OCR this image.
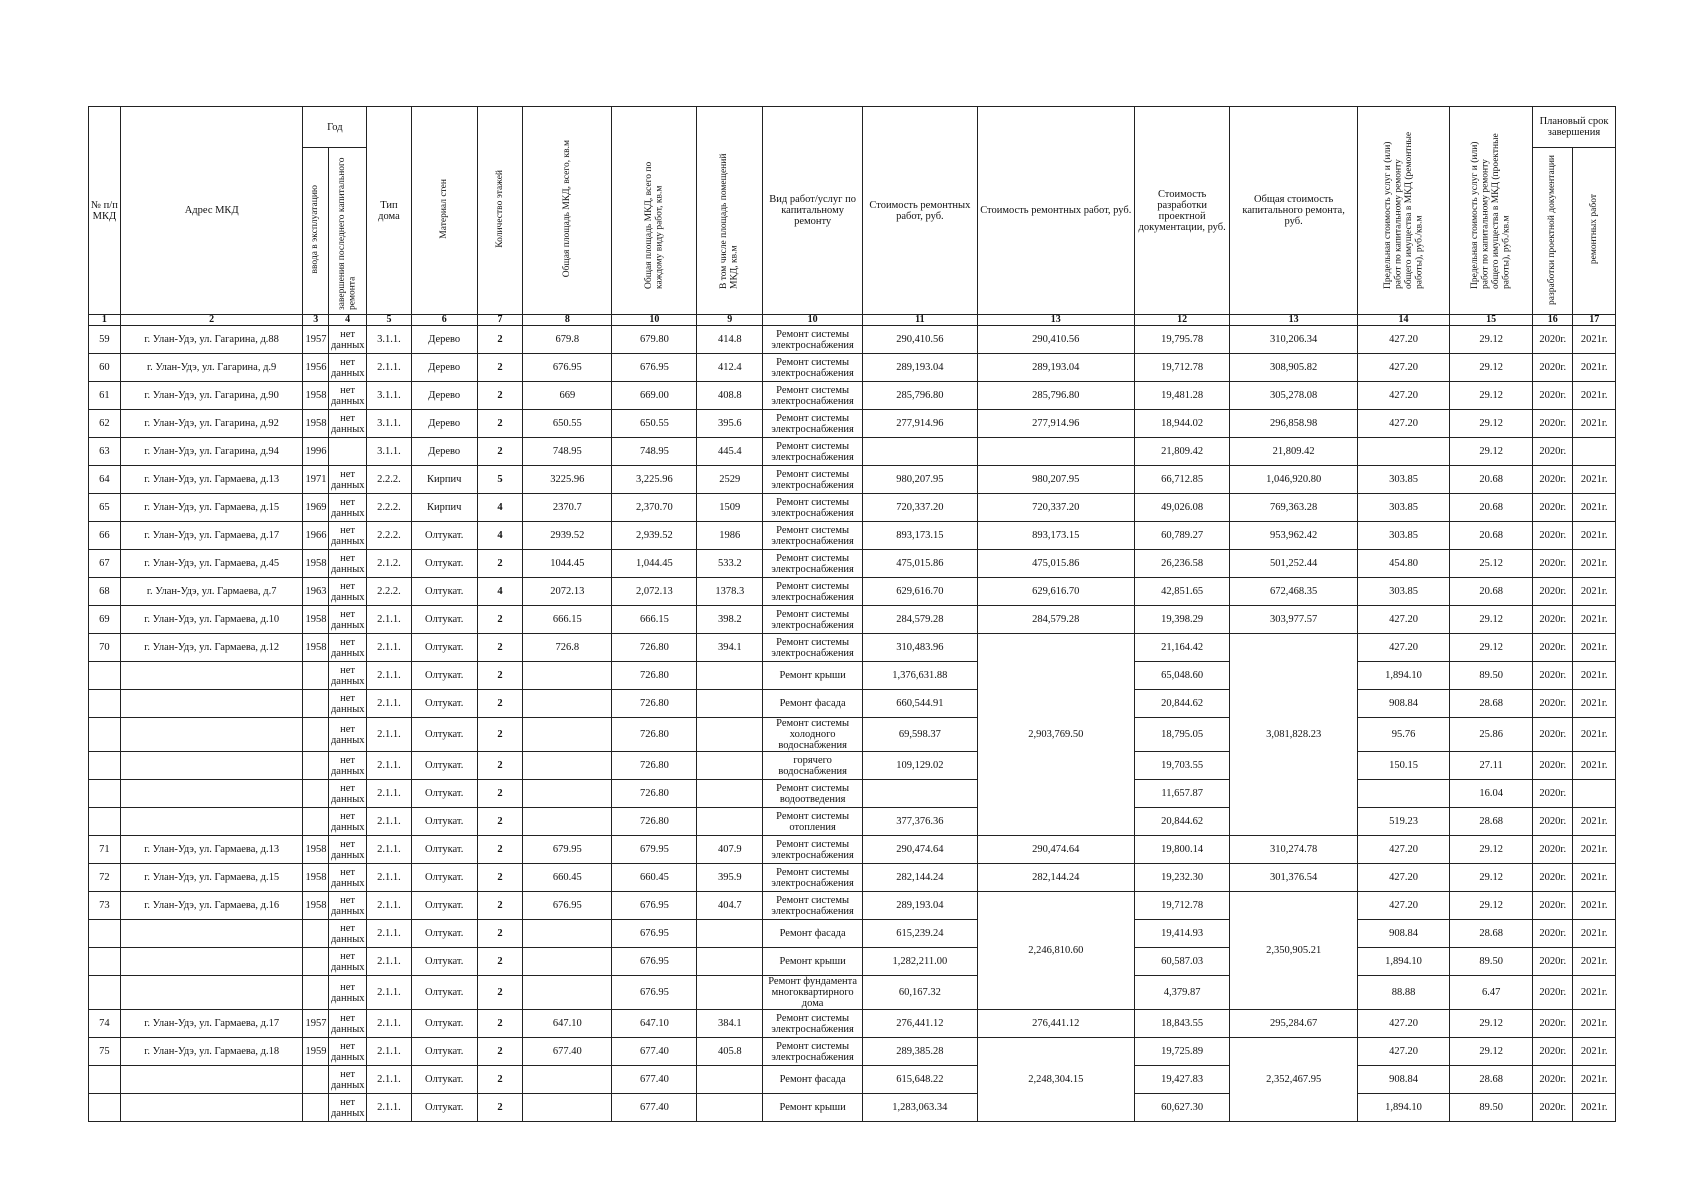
№ п/п МКД	Адрес МКД	Год		Тип дома	Материал стен	Количество этажей	Общая площадь МКД, всего, кв.м	Общая площадь МКД, всего по каждому виду работ, кв.м	В том числе площадь помещений МКД, кв.м	Вид работ/услуг по капитальному ремонту	Стоимость ремонтных работ, руб.	Стоимость ремонтных работ, руб.	Стоимость разработки проектной документации, руб.	Общая стоимость капитального ремонта, руб.	Предельная стоимость услуг и (или) работ по капитальному ремонту общего имущества в МКД (ремонтные работы), руб./кв.м	Предельная стоимость услуг и (или) работ по капитальному ремонту общего имущества в МКД (проектные работы), руб./кв.м	Плановый срок завершения	
		ввода в эксплуатацию	завершения последнего капитального ремонта														разработки проектной документации	ремонтных работ
1	2	3	4	5	6	7	8	10	9	10	11	13	12	13	14	15	16	17
59	г. Улан-Удэ, ул. Гагарина, д.88	1957	нет данных	3.1.1.	Дерево	2	679.8	679.80	414.8	Ремонт системы электроснабжения	290,410.56	290,410.56	19,795.78	310,206.34	427.20	29.12	2020г.	2021г.
60	г. Улан-Удэ, ул. Гагарина, д.9	1956	нет данных	2.1.1.	Дерево	2	676.95	676.95	412.4	Ремонт системы электроснабжения	289,193.04	289,193.04	19,712.78	308,905.82	427.20	29.12	2020г.	2021г.
61	г. Улан-Удэ, ул. Гагарина, д.90	1958	нет данных	3.1.1.	Дерево	2	669	669.00	408.8	Ремонт системы электроснабжения	285,796.80	285,796.80	19,481.28	305,278.08	427.20	29.12	2020г.	2021г.
62	г. Улан-Удэ, ул. Гагарина, д.92	1958	нет данных	3.1.1.	Дерево	2	650.55	650.55	395.6	Ремонт системы электроснабжения	277,914.96	277,914.96	18,944.02	296,858.98	427.20	29.12	2020г.	2021г.
63	г. Улан-Удэ, ул. Гагарина, д.94	1996		3.1.1.	Дерево	2	748.95	748.95	445.4	Ремонт системы электроснабжения			21,809.42	21,809.42		29.12	2020г.	
64	г. Улан-Удэ, ул. Гармаева, д.13	1971	нет данных	2.2.2.	Кирпич	5	3225.96	3,225.96	2529	Ремонт системы электроснабжения	980,207.95	980,207.95	66,712.85	1,046,920.80	303.85	20.68	2020г.	2021г.
65	г. Улан-Удэ, ул. Гармаева, д.15	1969	нет данных	2.2.2.	Кирпич	4	2370.7	2,370.70	1509	Ремонт системы электроснабжения	720,337.20	720,337.20	49,026.08	769,363.28	303.85	20.68	2020г.	2021г.
66	г. Улан-Удэ, ул. Гармаева, д.17	1966	нет данных	2.2.2.	Олтукат.	4	2939.52	2,939.52	1986	Ремонт системы электроснабжения	893,173.15	893,173.15	60,789.27	953,962.42	303.85	20.68	2020г.	2021г.
67	г. Улан-Удэ, ул. Гармаева, д.45	1958	нет данных	2.1.2.	Олтукат.	2	1044.45	1,044.45	533.2	Ремонт системы электроснабжения	475,015.86	475,015.86	26,236.58	501,252.44	454.80	25.12	2020г.	2021г.
68	г. Улан-Удэ, ул. Гармаева, д.7	1963	нет данных	2.2.2.	Олтукат.	4	2072.13	2,072.13	1378.3	Ремонт системы электроснабжения	629,616.70	629,616.70	42,851.65	672,468.35	303.85	20.68	2020г.	2021г.
69	г. Улан-Удэ, ул. Гармаева, д.10	1958	нет данных	2.1.1.	Олтукат.	2	666.15	666.15	398.2	Ремонт системы электроснабжения	284,579.28	284,579.28	19,398.29	303,977.57	427.20	29.12	2020г.	2021г.
70	г. Улан-Удэ, ул. Гармаева, д.12	1958	нет данных	2.1.1.	Олтукат.	2	726.8	726.80	394.1	Ремонт системы электроснабжения	310,483.96	2,903,769.50	21,164.42	3,081,828.23	427.20	29.12	2020г.	2021г.
			нет данных	2.1.1.	Олтукат.	2		726.80		Ремонт крыши	1,376,631.88		65,048.60		1,894.10	89.50	2020г.	2021г.
			нет данных	2.1.1.	Олтукат.	2		726.80		Ремонт фасада	660,544.91		20,844.62		908.84	28.68	2020г.	2021г.
			нет данных	2.1.1.	Олтукат.	2		726.80		Ремонт системы холодного водоснабжения	69,598.37		18,795.05		95.76	25.86	2020г.	2021г.
			нет данных	2.1.1.	Олтукат.	2		726.80		горячего водоснабжения	109,129.02		19,703.55		150.15	27.11	2020г.	2021г.
			нет данных	2.1.1.	Олтукат.	2		726.80		Ремонт системы водоотведения			11,657.87			16.04	2020г.	
			нет данных	2.1.1.	Олтукат.	2		726.80		Ремонт системы отопления	377,376.36		20,844.62		519.23	28.68	2020г.	2021г.
71	г. Улан-Удэ, ул. Гармаева, д.13	1958	нет данных	2.1.1.	Олтукат.	2	679.95	679.95	407.9	Ремонт системы электроснабжения	290,474.64	290,474.64	19,800.14	310,274.78	427.20	29.12	2020г.	2021г.
72	г. Улан-Удэ, ул. Гармаева, д.15	1958	нет данных	2.1.1.	Олтукат.	2	660.45	660.45	395.9	Ремонт системы электроснабжения	282,144.24	282,144.24	19,232.30	301,376.54	427.20	29.12	2020г.	2021г.
73	г. Улан-Удэ, ул. Гармаева, д.16	1958	нет данных	2.1.1.	Олтукат.	2	676.95	676.95	404.7	Ремонт системы электроснабжения	289,193.04	2,246,810.60	19,712.78	2,350,905.21	427.20	29.12	2020г.	2021г.
			нет данных	2.1.1.	Олтукат.	2		676.95		Ремонт фасада	615,239.24		19,414.93		908.84	28.68	2020г.	2021г.
			нет данных	2.1.1.	Олтукат.	2		676.95		Ремонт крыши	1,282,211.00		60,587.03		1,894.10	89.50	2020г.	2021г.
			нет данных	2.1.1.	Олтукат.	2		676.95		Ремонт фундамента многоквартирного дома	60,167.32		4,379.87		88.88	6.47	2020г.	2021г.
74	г. Улан-Удэ, ул. Гармаева, д.17	1957	нет данных	2.1.1.	Олтукат.	2	647.10	647.10	384.1	Ремонт системы электроснабжения	276,441.12	276,441.12	18,843.55	295,284.67	427.20	29.12	2020г.	2021г.
75	г. Улан-Удэ, ул. Гармаева, д.18	1959	нет данных	2.1.1.	Олтукат.	2	677.40	677.40	405.8	Ремонт системы электроснабжения	289,385.28	2,248,304.15	19,725.89	2,352,467.95	427.20	29.12	2020г.	2021г.
			нет данных	2.1.1.	Олтукат.	2		677.40		Ремонт фасада	615,648.22		19,427.83		908.84	28.68	2020г.	2021г.
			нет данных	2.1.1.	Олтукат.	2		677.40		Ремонт крыши	1,283,063.34		60,627.30		1,894.10	89.50	2020г.	2021г.
